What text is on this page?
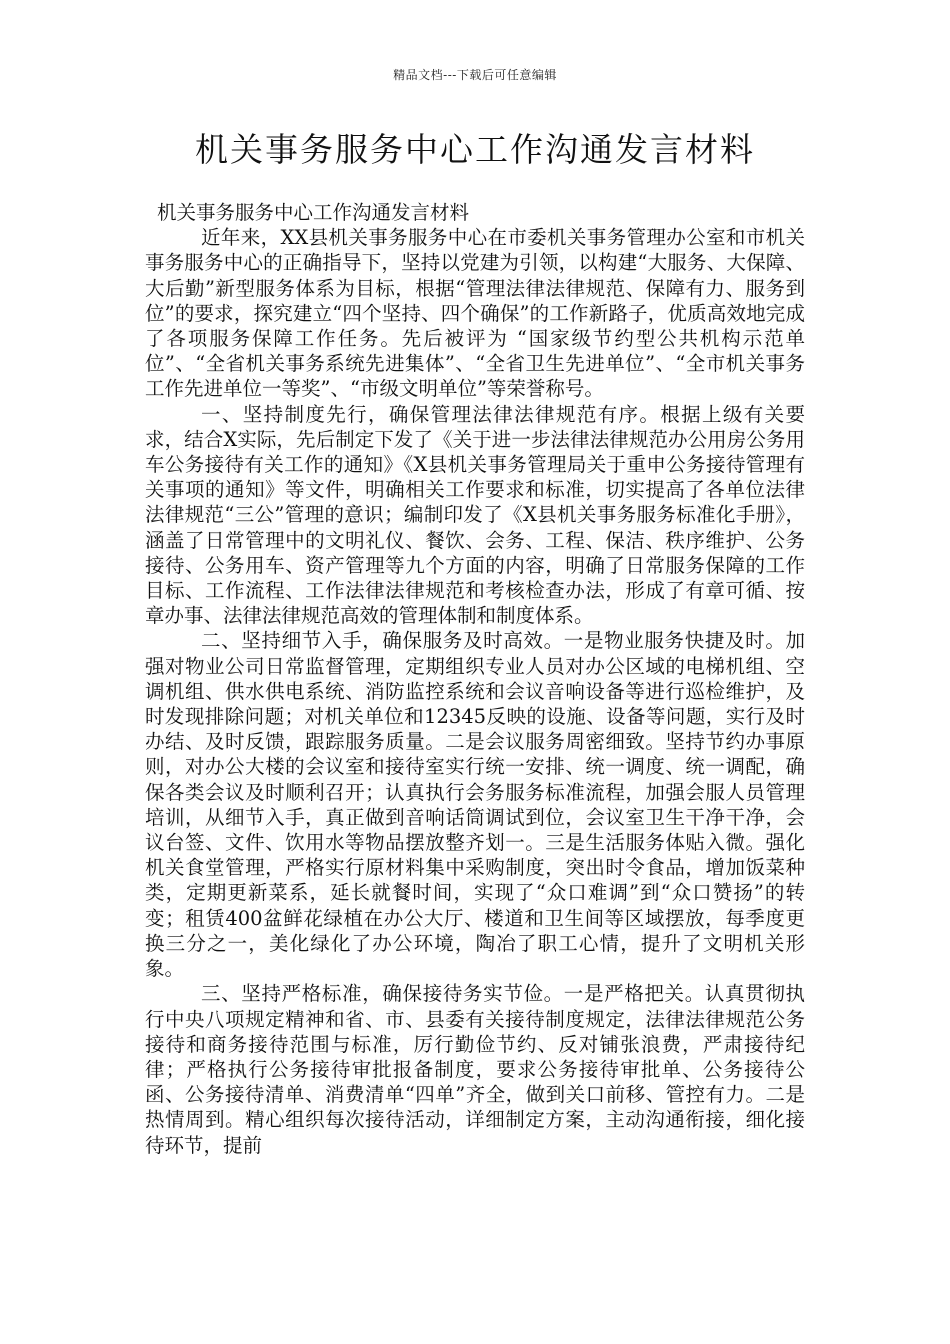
精品文档---下载后可任意编辑
机关事务服务中心工作沟通发言材料

机关事务服务中心工作沟通发言材料

近年来，XX县机关事务服务中心在市委机关事务管理办公室和市机关事务服务中心的正确指导下，坚持以党建为引领，以构建“大服务、大保障、大后勤”新型服务体系为目标，根据“管理法律法律规范、保障有力、服务到位”的要求，探究建立“四个坚持、四个确保”的工作新路子，优质高效地完成了各项服务保障工作任务。先后被评为 “国家级节约型公共机构示范单位”、“全省机关事务系统先进集体”、“全省卫生先进单位”、“全市机关事务工作先进单位一等奖”、“市级文明单位”等荣誉称号。

一、坚持制度先行，确保管理法律法律规范有序。根据上级有关要求，结合X实际，先后制定下发了《关于进一步法律法律规范办公用房公务用车公务接待有关工作的通知》《X县机关事务管理局关于重申公务接待管理有关事项的通知》等文件，明确相关工作要求和标准，切实提高了各单位法律法律规范“三公”管理的意识；编制印发了《X县机关事务服务标准化手册》，涵盖了日常管理中的文明礼仪、餐饮、会务、工程、保洁、秩序维护、公务接待、公务用车、资产管理等九个方面的内容，明确了日常服务保障的工作目标、工作流程、工作法律法律规范和考核检查办法，形成了有章可循、按章办事、法律法律规范高效的管理体制和制度体系。

二、坚持细节入手，确保服务及时高效。一是物业服务快捷及时。加强对物业公司日常监督管理，定期组织专业人员对办公区域的电梯机组、空调机组、供水供电系统、消防监控系统和会议音响设备等进行巡检维护，及时发现排除问题；对机关单位和12345反映的设施、设备等问题，实行及时办结、及时反馈，跟踪服务质量。二是会议服务周密细致。坚持节约办事原则，对办公大楼的会议室和接待室实行统一安排、统一调度、统一调配，确保各类会议及时顺利召开；认真执行会务服务标准流程，加强会服人员管理培训，从细节入手，真正做到音响话筒调试到位，会议室卫生干净干净，会议台签、文件、饮用水等物品摆放整齐划一。三是生活服务体贴入微。强化机关食堂管理，严格实行原材料集中采购制度，突出时令食品，增加饭菜种类，定期更新菜系，延长就餐时间，实现了“众口难调”到“众口赞扬”的转变；租赁400盆鲜花绿植在办公大厅、楼道和卫生间等区域摆放，每季度更换三分之一，美化绿化了办公环境，陶冶了职工心情，提升了文明机关形象。

三、坚持严格标准，确保接待务实节俭。一是严格把关。认真贯彻执行中央八项规定精神和省、市、县委有关接待制度规定，法律法律规范公务接待和商务接待范围与标准，厉行勤俭节约、反对铺张浪费，严肃接待纪律；严格执行公务接待审批报备制度，要求公务接待审批单、公务接待公函、公务接待清单、消费清单“四单”齐全，做到关口前移、管控有力。二是热情周到。精心组织每次接待活动，详细制定方案，主动沟通衔接，细化接待环节，提前
